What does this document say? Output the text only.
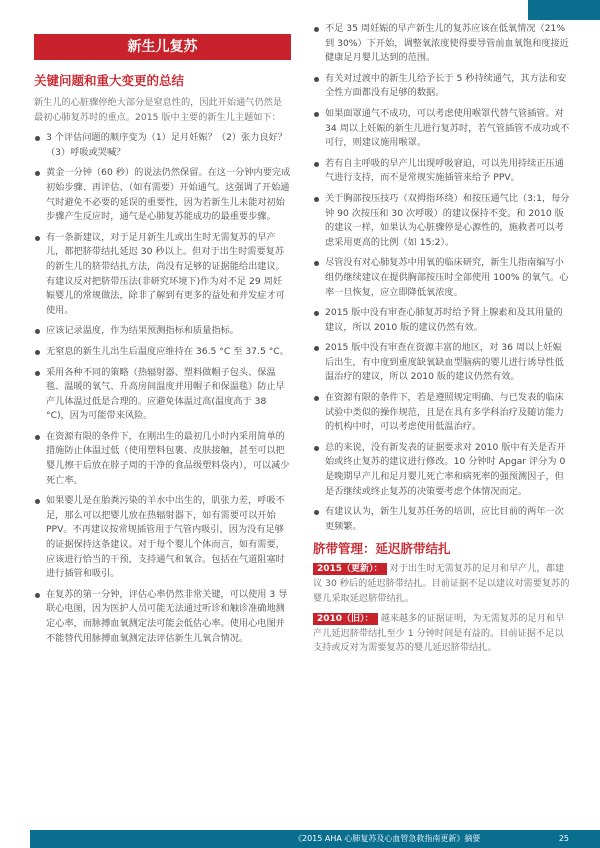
新生儿复苏
关键问题和重大变更的总结

新生儿的心脏骤停绝大部分是窒息性的，因此开始通气仍然是最初心肺复苏时的重点。2015 版中主要的新生儿主题如下：

3 个评估问题的顺序变为（1）足月妊娠？（2）张力良好？（3）呼吸或哭喊？
黄金一分钟（60 秒）的说法仍然保留。在这一分钟内要完成初始步骤、再评估、（如有需要）开始通气。这强调了开始通气时避免不必要的延误的重要性，因为若新生儿未能对初始步骤产生反应时，通气是心肺复苏能成功的最重要步骤。
有一条新建议，对于足月新生儿或出生时无需复苏的早产儿，都把脐带结扎延迟 30 秒以上。但对于出生时需要复苏的新生儿的脐带结扎方法，尚没有足够的证据能给出建议。有建议反对把脐带压法(非研究环境下)作为对不足 29 周妊娠婴儿的常规做法，除非了解到有更多的益处和并发症才可使用。
应该记录温度，作为结果预测指标和质量指标。
无窒息的新生儿出生后温度应维持在 36.5 °C 至 37.5 °C。
采用各种不同的策略（热辐射器、塑料做帽子包头、保温毯、温暖的氧气、升高房间温度并用帽子和保温毯）防止早产儿体温过低是合理的。应避免体温过高(温度高于 38 °C)，因为可能带来风险。
在资源有限的条件下，在刚出生的最初几小时内采用简单的措施防止体温过低（使用塑料包裹、皮肤接触，甚至可以把婴儿擦干后放在脖子周的干净的食品级塑料袋内），可以减少死亡率。
如果婴儿是在胎粪污染的羊水中出生的，肌张力差，呼吸不足，那么可以把婴儿放在热辐射器下，如有需要可以开始 PPV。不再建议按常规插管用于气管内吸引，因为没有足够的证据保持这条建议。对于每个婴儿个体而言，如有需要，应该进行恰当的干预，支持通气和氧合。包括在气道阻塞时进行插管和吸引。
在复苏的第一分钟，评估心率仍然非常关键，可以使用 3 导联心电图，因为医护人员可能无法通过听诊和触诊准确地测定心率，而脉搏血氧测定法可能会低估心率。使用心电图并不能替代用脉搏血氧测定法评估新生儿氧合情况。
不足 35 周妊娠的早产新生儿的复苏应该在低氧情况（21% 到 30%）下开始，调整氧浓度使得要导管前血氧饱和度接近健康足月婴儿达到的范围。
有关对过渡中的新生儿给予长于 5 秒持续通气，其方法和安全性方面都没有足够的数据。
如果面罩通气不成功，可以考虑使用喉罩代替气管插管。对 34 周以上妊娠的新生儿进行复苏时，若气管插管不成功或不可行，则建议施用喉罩。
若有自主呼吸的早产儿出现呼吸窘迫，可以先用持续正压通气进行支持，而不是常规实施插管来给予 PPV。
关于胸部按压技巧（双拇指环绕）和按压通气比（3:1，每分钟 90 次按压和 30 次呼吸）的建议保持不变。和 2010 版的建议一样，如果认为心脏骤停是心源性的，施救者可以考虑采用更高的比例（如 15:2）。
尽管没有对心肺复苏中用氧的临床研究，新生儿指南编写小组仍继续建议在提供胸部按压时全部使用 100% 的氧气。心率一旦恢复，应立即降低氧浓度。
2015 版中没有审查心肺复苏时给予肾上腺素和及其用量的建议，所以 2010 版的建议仍然有效。
2015 版中没有审查在资源丰富的地区，对 36 周以上妊娠后出生，有中度到重度缺氧缺血型脑病的婴儿进行诱导性低温治疗的建议，所以 2010 版的建议仍然有效。
在资源有限的条件下，若是遵照规定明确、与已发表的临床试验中类似的操作规范，且是在具有多学科治疗及随访能力的机构中时，可以考虑使用低温治疗。
总的来说，没有新发表的证据要求对 2010 版中有关是否开始或终止复苏的建议进行修改。10 分钟时 Apgar 评分为 0 是晚期早产儿和足月婴儿死亡率和病死率的强预测因子，但是否继续或终止复苏的决策要考虑个体情况而定。
有建议认为，新生儿复苏任务的培训，应比目前的两年一次更频繁。
脐带管理：延迟脐带结扎

2015（更新）： 对于出生时无需复苏的足月和早产儿，都建议 30 秒后的延迟脐带结扎。目前证据不足以建议对需要复苏的婴儿采取延迟脐带结扎。

2010（旧）： 越来越多的证据证明，为无需复苏的足月和早产儿延迟脐带结扎至少 1 分钟时间是有益的。目前证据不足以支持或反对为需要复苏的婴儿延迟脐带结扎。

《2015 AHA 心肺复苏及心血管急救指南更新》摘要	25
